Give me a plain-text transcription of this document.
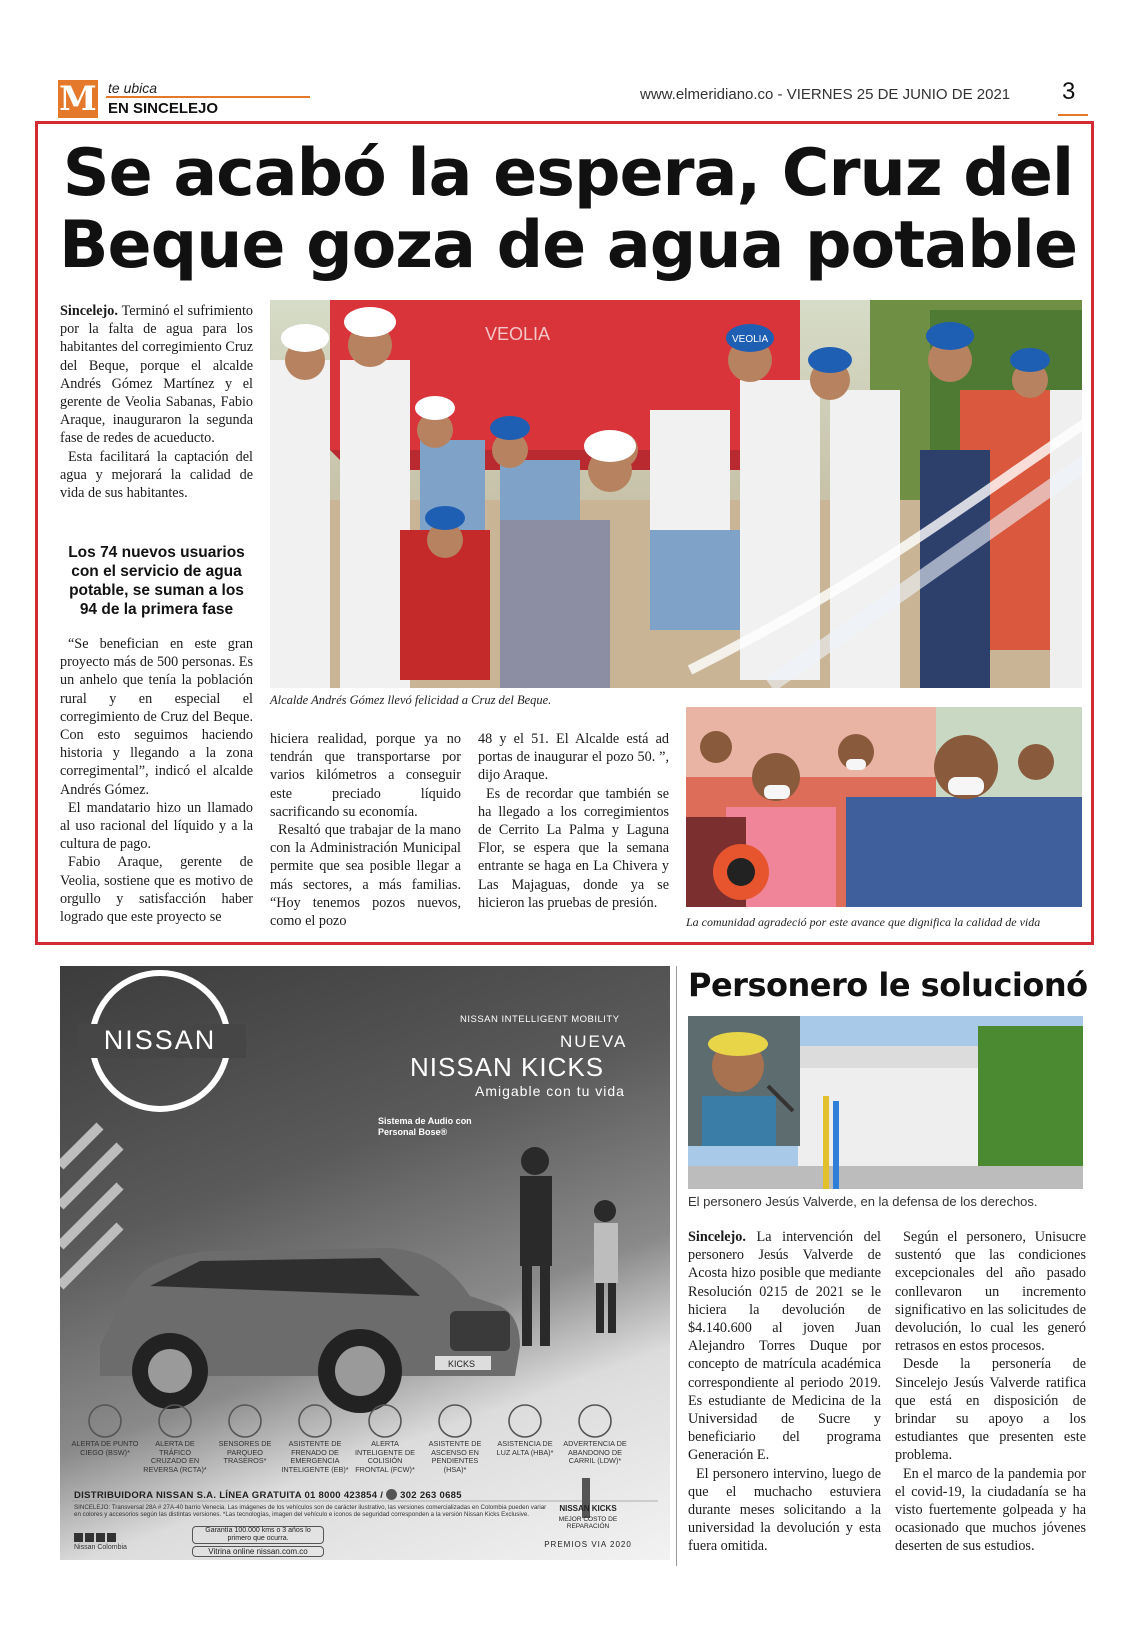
M te ubica
EN SINCELEJO
www.elmeridiano.co - VIERNES 25 DE JUNIO DE 2021 3
Se acabó la espera, Cruz del
Beque goza de agua potable

Sincelejo. Terminó el sufrimiento por la falta de agua para los habitantes del corregimiento Cruz del Beque, porque el alcalde Andrés Gómez Martínez y el gerente de Veolia Sabanas, Fabio Araque, inauguraron la segunda fase de redes de acueducto.

Esta facilitará la captación del agua y mejorará la calidad de vida de sus habitantes.

Los 74 nuevos usuarios con el servicio de agua potable, se suman a los 94 de la primera fase

“Se benefician en este gran proyecto más de 500 personas. Es un anhelo que tenía la población rural y en especial el corregimiento de Cruz del Beque. Con esto seguimos haciendo historia y llegando a la zona corregimental”, indicó el alcalde Andrés Gómez.

El mandatario hizo un llamado al uso racional del líquido y a la cultura de pago.

Fabio Araque, gerente de Veolia, sostiene que es motivo de orgullo y satisfacción haber logrado que este proyecto se

hiciera realidad, porque ya no tendrán que transportarse por varios kilómetros a conseguir este preciado líquido sacrificando su economía.

Resaltó que trabajar de la mano con la Administración Municipal permite que sea posible llegar a más sectores, a más familias. “Hoy tenemos pozos nuevos, como el pozo

48 y el 51. El Alcalde está ad portas de inaugurar el pozo 50. ”, dijo Araque.

Es de recordar que también se ha llegado a los corregimientos de Cerrito La Palma y Laguna Flor, se espera que la semana entrante se haga en La Chivera y Las Majaguas, donde ya se hicieron las pruebas de presión.

VEOLIA	VEOLIA
Alcalde Andrés Gómez llevó felicidad a Cruz del Beque.
La comunidad agradeció por este avance que dignifica la calidad de vida
KICKS
NISSAN
NISSAN INTELLIGENT MOBILITY
NUEVA
NISSAN KICKS
Amigable con tu vida
Sistema de Audio con Personal Bose®
ALERTA DE PUNTO CIEGO (BSW)*
ALERTA DE TRÁFICO CRUZADO EN REVERSA (RCTA)*
SENSORES DE PARQUEO TRASEROS*
ASISTENTE DE FRENADO DE EMERGENCIA INTELIGENTE (EB)*
ALERTA INTELIGENTE DE COLISIÓN FRONTAL (FCW)*
ASISTENTE DE ASCENSO EN PENDIENTES (HSA)*
ASISTENCIA DE LUZ ALTA (HBA)*
ADVERTENCIA DE ABANDONO DE CARRIL (LDW)*
DISTRIBUIDORA NISSAN S.A. LÍNEA GRATUITA 01 8000 423854 / 302 263 0685
SINCELEJO: Transversal 28A # 27A-40 barrio Venecia. Las imágenes de los vehículos son de carácter ilustrativo, las versiones comercializadas en Colombia pueden variar en colores y accesorios según las distintas versiones. *Las tecnologías, imagen del vehículo e iconos de seguridad corresponden a la versión Nissan Kicks Exclusive.
Nissan Colombia
Garantía 100.000 kms o 3 años lo primero que ocurra.
Vitrina online nissan.com.co
NISSAN KICKS
MEJOR COSTO DE REPARACIÓN
PREMIOS VIA 2020
Personero le solucionó
El personero Jesús Valverde, en la defensa de los derechos.

Sincelejo. La intervención del personero Jesús Valverde de Acosta hizo posible que mediante Resolución 0215 de 2021 se le hiciera la devolución de $4.140.600 al joven Juan Alejandro Torres Duque por concepto de matrícula académica correspondiente al periodo 2019. Es estudiante de Medicina de la Universidad de Sucre y beneficiario del programa Generación E.

El personero intervino, luego de que el muchacho estuviera durante meses solicitando a la universidad la devolución y esta fuera omitida.

Según el personero, Unisucre sustentó que las condiciones excepcionales del año pasado conllevaron un incremento significativo en las solicitudes de devolución, lo cual les generó retrasos en estos procesos.

Desde la personería de Sincelejo Jesús Valverde ratifica que está en disposición de brindar su apoyo a los estudiantes que presenten este problema.

En el marco de la pandemia por el covid-19, la ciudadanía se ha visto fuertemente golpeada y ha ocasionado que muchos jóvenes deserten de sus estudios.
